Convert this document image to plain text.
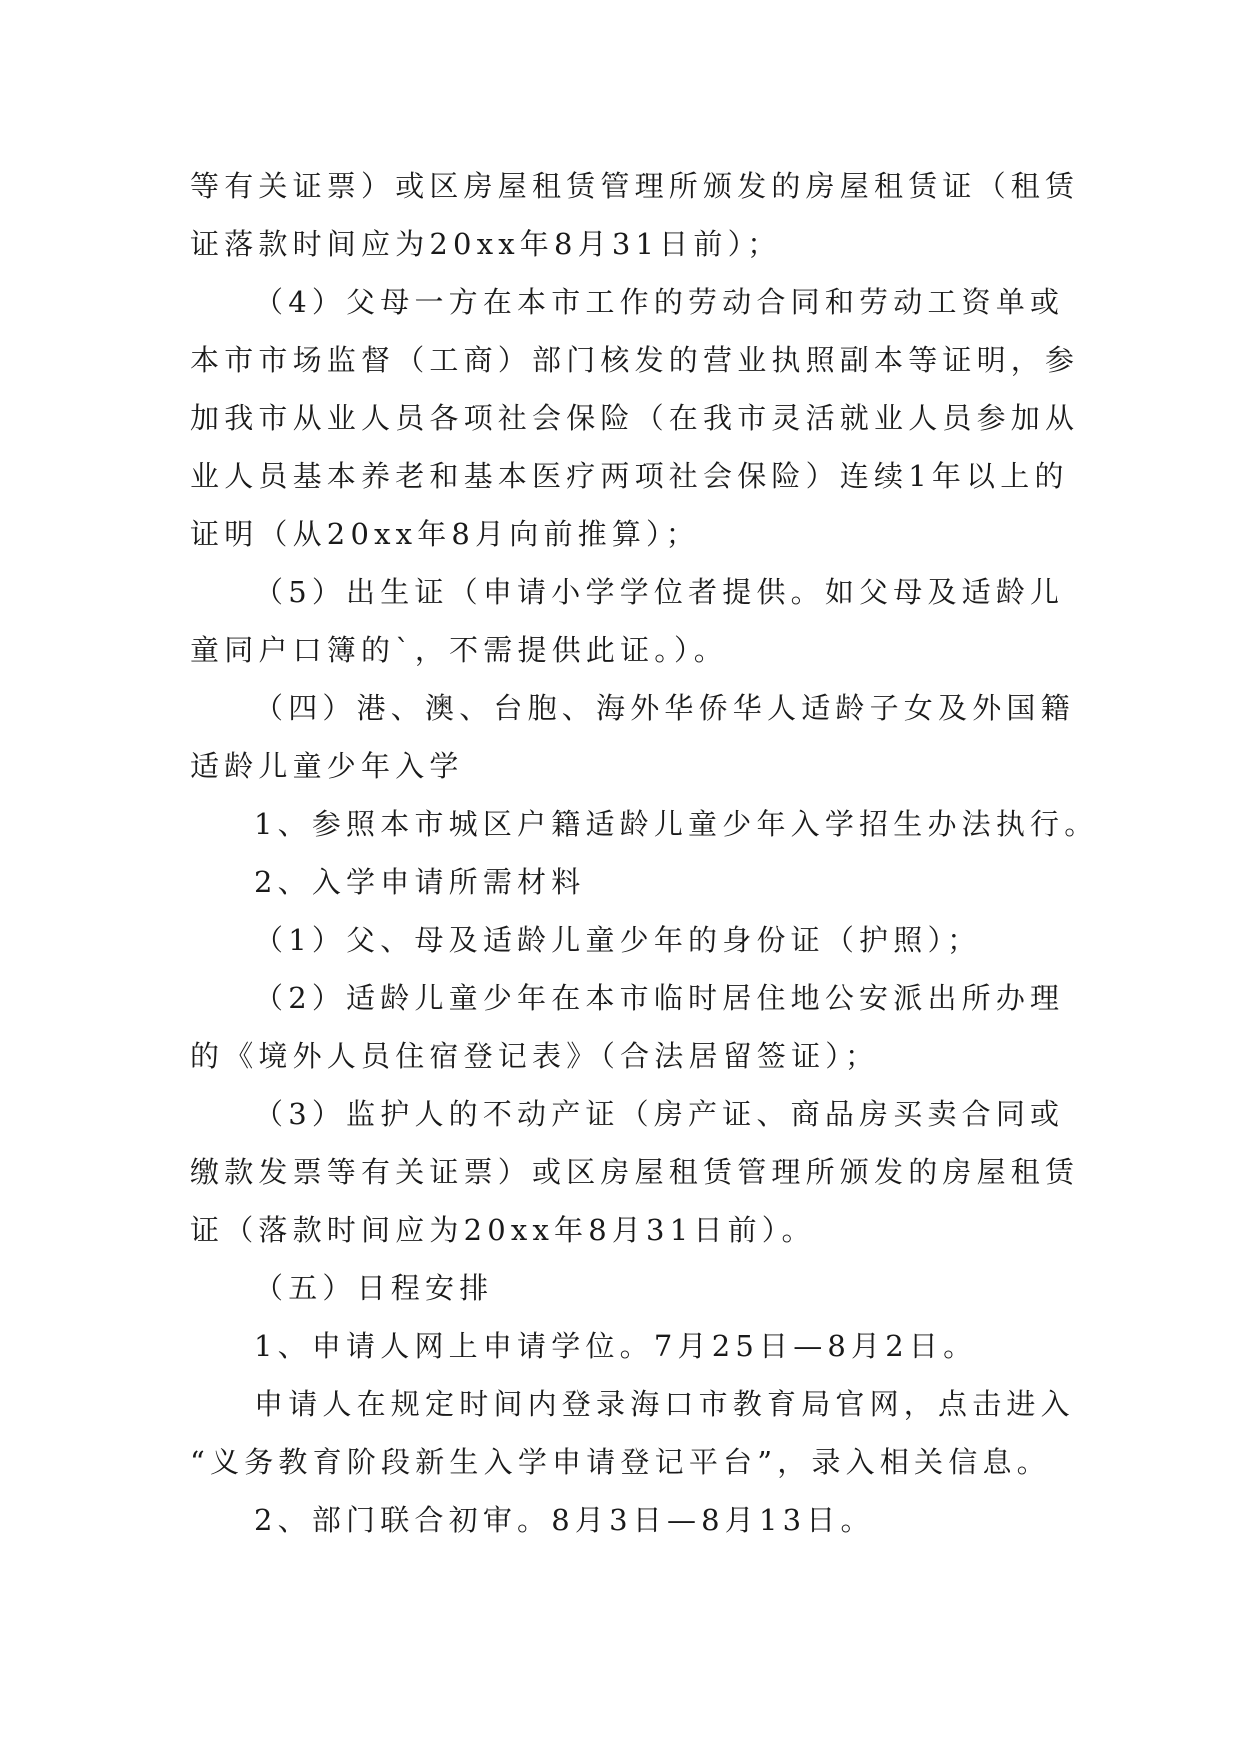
等有关证票）或区房屋租赁管理所颁发的房屋租赁证（租赁
证落款时间应为20xx年8月31日前）；
（4）父母一方在本市工作的劳动合同和劳动工资单或
本市市场监督（工商）部门核发的营业执照副本等证明，参
加我市从业人员各项社会保险（在我市灵活就业人员参加从
业人员基本养老和基本医疗两项社会保险）连续1年以上的
证明（从20xx年8月向前推算）；
（5）出生证（申请小学学位者提供。如父母及适龄儿
童同户口簿的`，不需提供此证。）。
（四）港、澳、台胞、海外华侨华人适龄子女及外国籍
适龄儿童少年入学
1、参照本市城区户籍适龄儿童少年入学招生办法执行。
2、入学申请所需材料
（1）父、母及适龄儿童少年的身份证（护照）；
（2）适龄儿童少年在本市临时居住地公安派出所办理
的《境外人员住宿登记表》（合法居留签证）；
（3）监护人的不动产证（房产证、商品房买卖合同或
缴款发票等有关证票）或区房屋租赁管理所颁发的房屋租赁
证（落款时间应为20xx年8月31日前）。
（五）日程安排
1、申请人网上申请学位。7月25日—8月2日。
申请人在规定时间内登录海口市教育局官网，点击进入
“义务教育阶段新生入学申请登记平台”，录入相关信息。
2、部门联合初审。8月3日—8月13日。
